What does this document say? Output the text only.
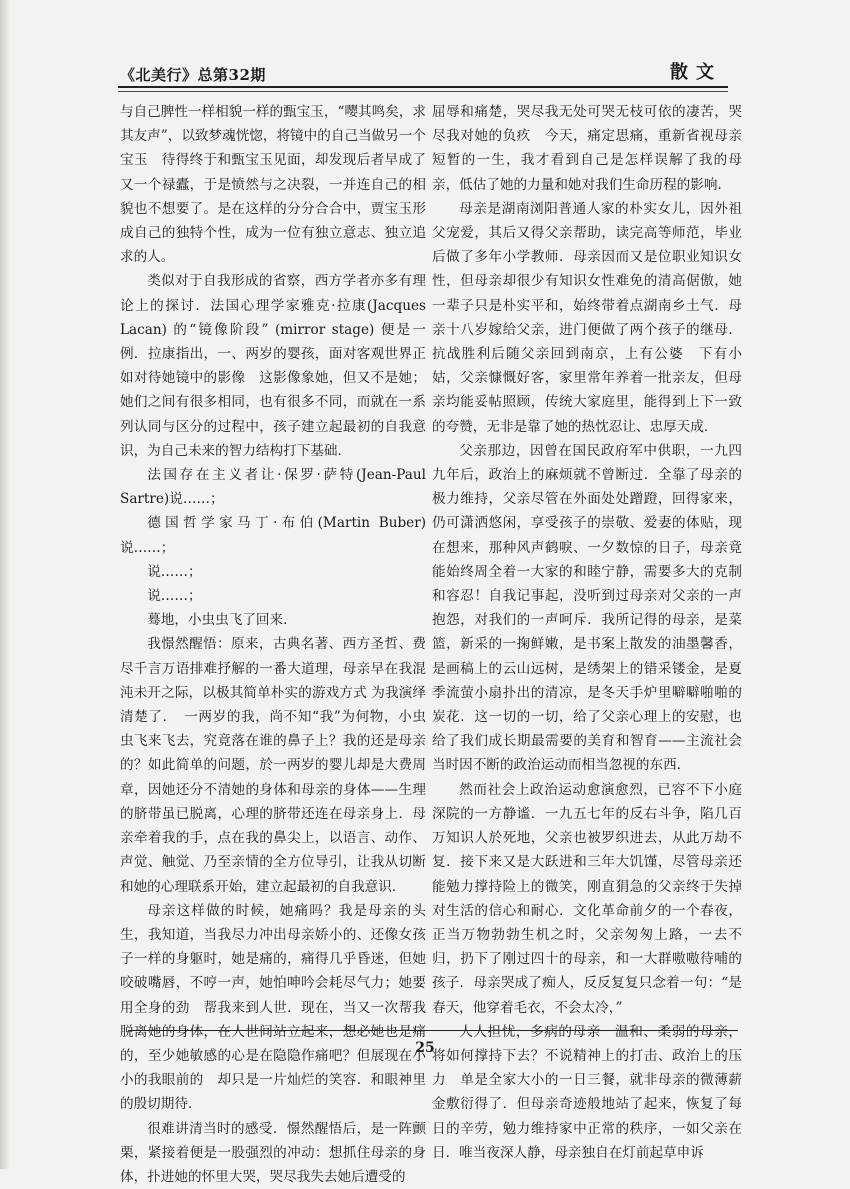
《北美行》总第32期	散文

与自己脾性一样相貌一样的甄宝玉，“嘤其鸣矣，求其友声”，以致梦魂恍惚，将镜中的自己当做另一个宝玉　待得终于和甄宝玉见面，却发现后者早成了又一个禄蠹，于是愤然与之决裂，一并连自己的相貌也不想要了。是在这样的分分合合中，贾宝玉形成自己的独特个性，成为一位有独立意志、独立追求的人。

类似对于自我形成的省察，西方学者亦多有理论上的探讨．法国心理学家雅克·拉康(Jacques Lacan) 的“镜像阶段” (mirror stage) 便是一例．拉康指出，一、两岁的婴孩，面对客观世界正如对待她镜中的影像　这影像象她，但又不是她；她们之间有很多相同，也有很多不同，而就在一系列认同与区分的过程中，孩子建立起最初的自我意识，为自己未来的智力结构打下基础．

法国存在主义者让·保罗·萨特(Jean-Paul Sartre)说……；

德国哲学家马丁·布伯(Martin Buber) 说……；

说……；

说……；

蓦地，小虫虫飞了回来．

我憬然醒悟：原来，古典名著、西方圣哲、费尽千言万语排难抒解的一番大道理，母亲早在我混沌未开之际，以极其简单朴实的游戏方式 为我演绎清楚了．　一两岁的我，尚不知“我”为何物，小虫虫飞来飞去，究竟落在谁的鼻子上？我的还是母亲的？如此简单的问题，於一两岁的婴儿却是大费周章，因她还分不清她的身体和母亲的身体——生理的脐带虽已脱离，心理的脐带还连在母亲身上．母亲牵着我的手，点在我的鼻尖上，以语言、动作、声觉、触觉、乃至亲情的全方位导引，让我从切断和她的心理联系开始，建立起最初的自我意识．

母亲这样做的时候，她痛吗？我是母亲的头生，我知道，当我尽力冲出母亲娇小的、还像女孩子一样的身躯时，她是痛的，痛得几乎昏迷，但她咬破嘴唇，不哼一声，她怕呻吟会耗尽气力；她要用全身的劲　帮我来到人世．现在，当又一次帮我脱离她的身体，在人世间站立起来，想必她也是痛的，至少她敏感的心是在隐隐作痛吧？但展现在小小的我眼前的　却只是一片灿烂的笑容．和眼神里的殷切期待．

很难讲清当时的感受．憬然醒悟后，是一阵颤栗，紧接着便是一股强烈的冲动：想抓住母亲的身体，扑进她的怀里大哭，哭尽我失去她后遭受的

屈辱和痛楚，哭尽我无处可哭无枝可依的凄苦，哭尽我对她的负疚　今天，痛定思痛，重新省视母亲短暂的一生，我才看到自己是怎样误解了我的母亲，低估了她的力量和她对我们生命历程的影响．

母亲是湖南浏阳普通人家的朴实女儿，因外祖父宠爱，其后又得父亲帮助，读完高等师范，毕业后做了多年小学教师．母亲因而又是位职业知识女性，但母亲却很少有知识女性难免的清高倨傲，她一辈子只是朴实平和，始终带着点湖南乡土气．母亲十八岁嫁给父亲，进门便做了两个孩子的继母．抗战胜利后随父亲回到南京，上有公婆　下有小姑，父亲慷慨好客，家里常年养着一批亲友，但母亲均能妥帖照顾，传统大家庭里，能得到上下一致的夸赞，无非是靠了她的热忱忍让、忠厚天成．

父亲那边，因曾在国民政府军中供职，一九四九年后，政治上的麻烦就不曾断过．全靠了母亲的极力维持，父亲尽管在外面处处蹭蹬，回得家来，仍可潇洒悠闲，享受孩子的崇敬、爱妻的体贴，现在想来，那种风声鹤唳、一夕数惊的日子，母亲竟能始终周全着一大家的和睦宁静，需要多大的克制和容忍！自我记事起，没听到过母亲对父亲的一声抱怨，对我们的一声呵斥．我所记得的母亲，是菜篮，新采的一掬鲜嫩，是书案上散发的油墨馨香，是画稿上的云山远树，是绣架上的错采镂金，是夏季流萤小扇扑出的清凉，是冬天手炉里噼噼啪啪的炭花．这一切的一切，给了父亲心理上的安慰，也给了我们成长期最需要的美育和智育——主流社会当时因不断的政治运动而相当忽视的东西．

然而社会上政治运动愈演愈烈，已容不下小庭深院的一方静谧．一九五七年的反右斗争，陷几百万知识人於死地，父亲也被罗织进去，从此万劫不复．接下来又是大跃进和三年大饥馑，尽管母亲还能勉力撑持险上的微笑，刚直狷急的父亲终于失掉对生活的信心和耐心．文化革命前夕的一个春夜，正当万物勃勃生机之时，父亲匆匆上路，一去不归，扔下了刚过四十的母亲，和一大群嗷嗷待哺的孩子．母亲哭成了痴人，反反复复只念着一句：“是春天，他穿着毛衣，不会太冷，”

人人担忧，多病的母亲　温和、柔弱的母亲，将如何撑持下去？不说精神上的打击、政治上的压力　单是全家大小的一日三餐，就非母亲的微薄薪金敷衍得了．但母亲奇迹般地站了起来，恢复了每日的辛劳，勉力维持家中正常的秩序，一如父亲在日．唯当夜深人静，母亲独自在灯前起草申诉

25
